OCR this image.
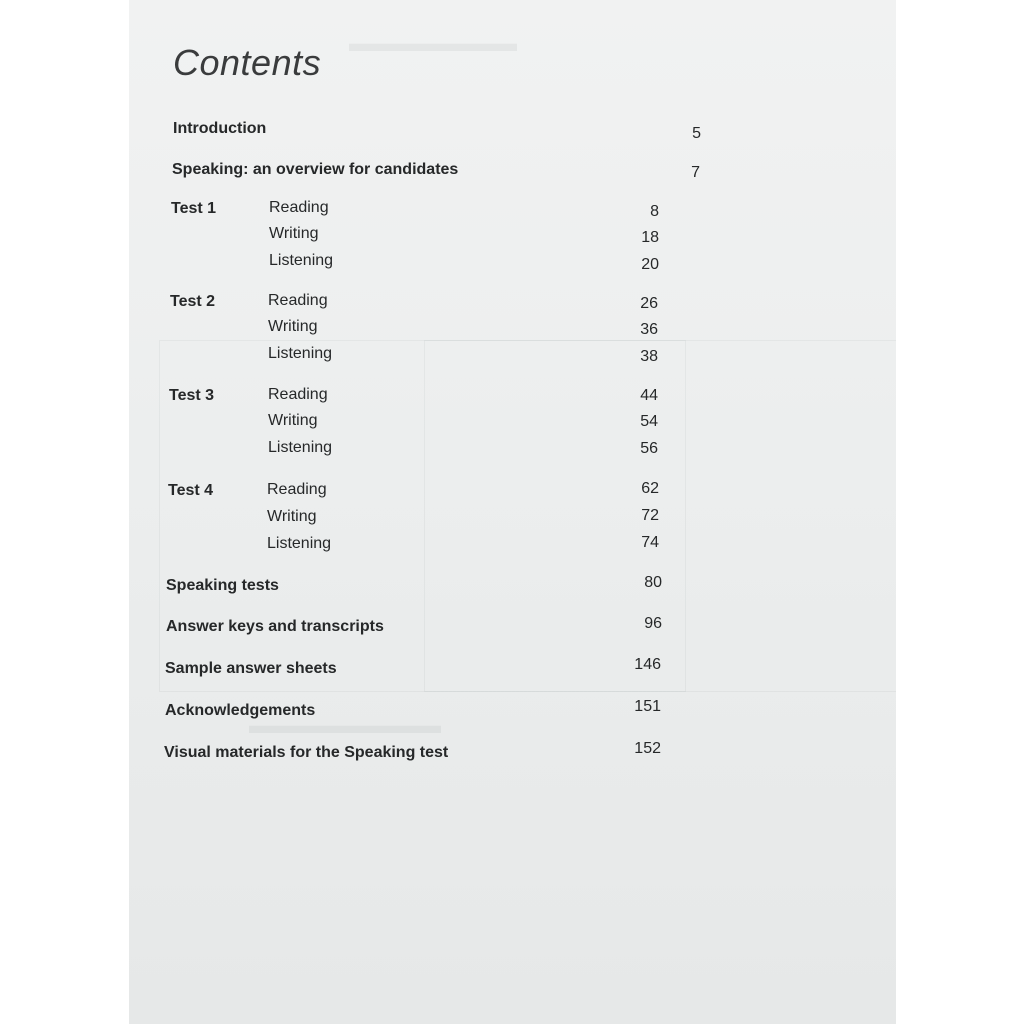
▬▬▬▬▬▬▬
▬▬▬▬▬▬▬▬
Contents
Introduction	5
Speaking: an overview for candidates	7
Test 1	Reading	8
Writing	18
Listening	20
Test 2	Reading	26
Writing	36
Listening	38
Test 3	Reading	44
Writing	54
Listening	56
Test 4	Reading	62
Writing	72
Listening	74
Speaking tests	80
Answer keys and transcripts	96
Sample answer sheets	146
Acknowledgements	151
Visual materials for the Speaking test	152
